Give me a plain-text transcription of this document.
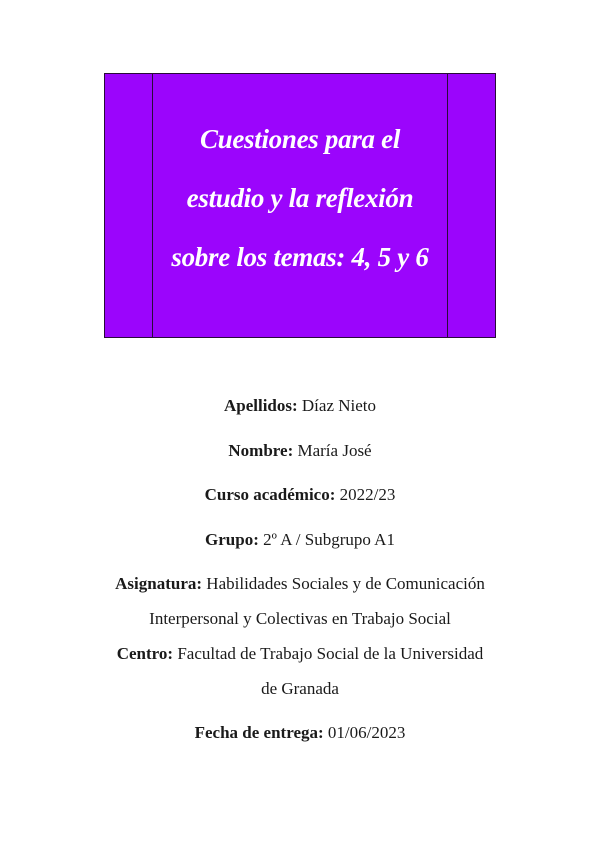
Cuestiones para el
estudio y la reflexión
sobre los temas: 4, 5 y 6
Apellidos: Díaz Nieto
Nombre: María José
Curso académico: 2022/23
Grupo: 2º A / Subgrupo A1
Asignatura: Habilidades Sociales y de Comunicación
Interpersonal y Colectivas en Trabajo Social
Centro: Facultad de Trabajo Social de la Universidad
de Granada
Fecha de entrega: 01/06/2023
